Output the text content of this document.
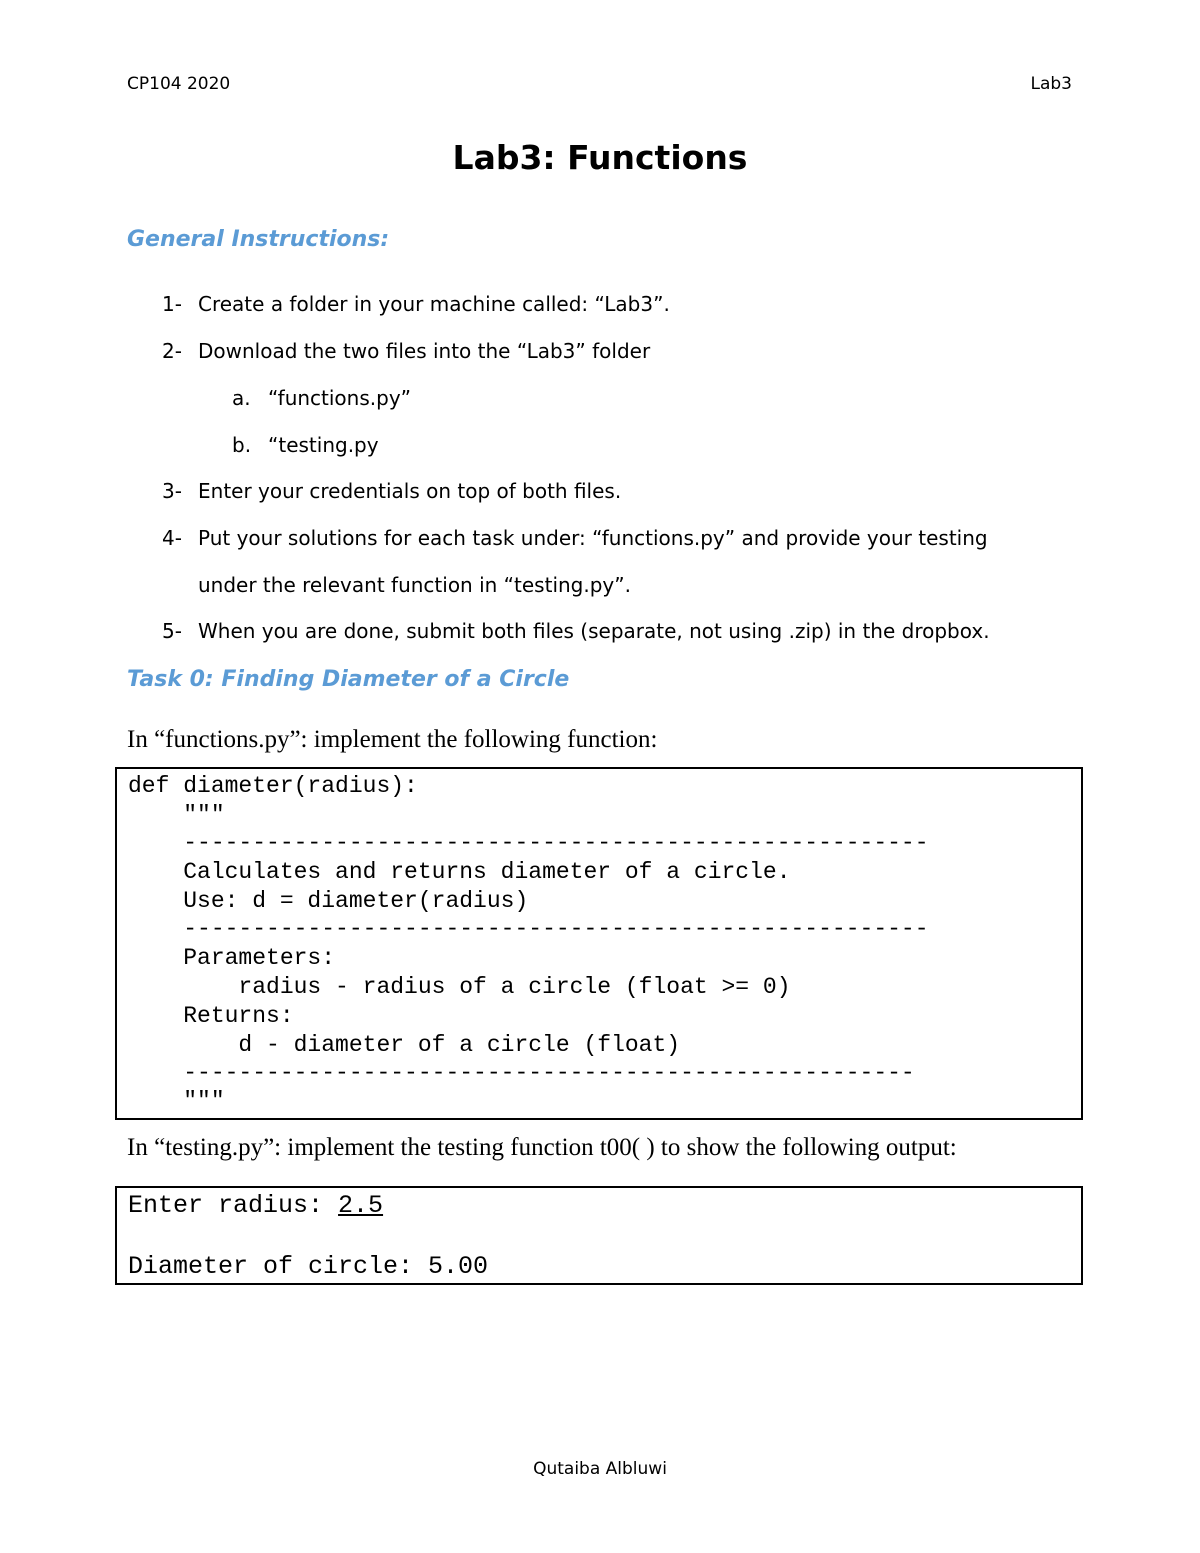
CP104 2020	Lab3
Lab3: Functions
General Instructions:
1- Create a folder in your machine called: “Lab3”.
2- Download the two files into the “Lab3” folder
a. “functions.py”
b. “testing.py
3- Enter your credentials on top of both files.
4- Put your solutions for each task under: “functions.py” and provide your testing
under the relevant function in “testing.py”.
5- When you are done, submit both files (separate, not using .zip) in the dropbox.
Task 0: Finding Diameter of a Circle
In “functions.py”: implement the following function:
def diameter(radius):
"""
------------------------------------------------------
Calculates and returns diameter of a circle.
Use: d = diameter(radius)
------------------------------------------------------
Parameters:
radius - radius of a circle (float >= 0)
Returns:
d - diameter of a circle (float)
-----------------------------------------------------
"""
In “testing.py”: implement the testing function t00( ) to show the following output:
Enter radius: 2.5
Diameter of circle: 5.00
Qutaiba Albluwi
